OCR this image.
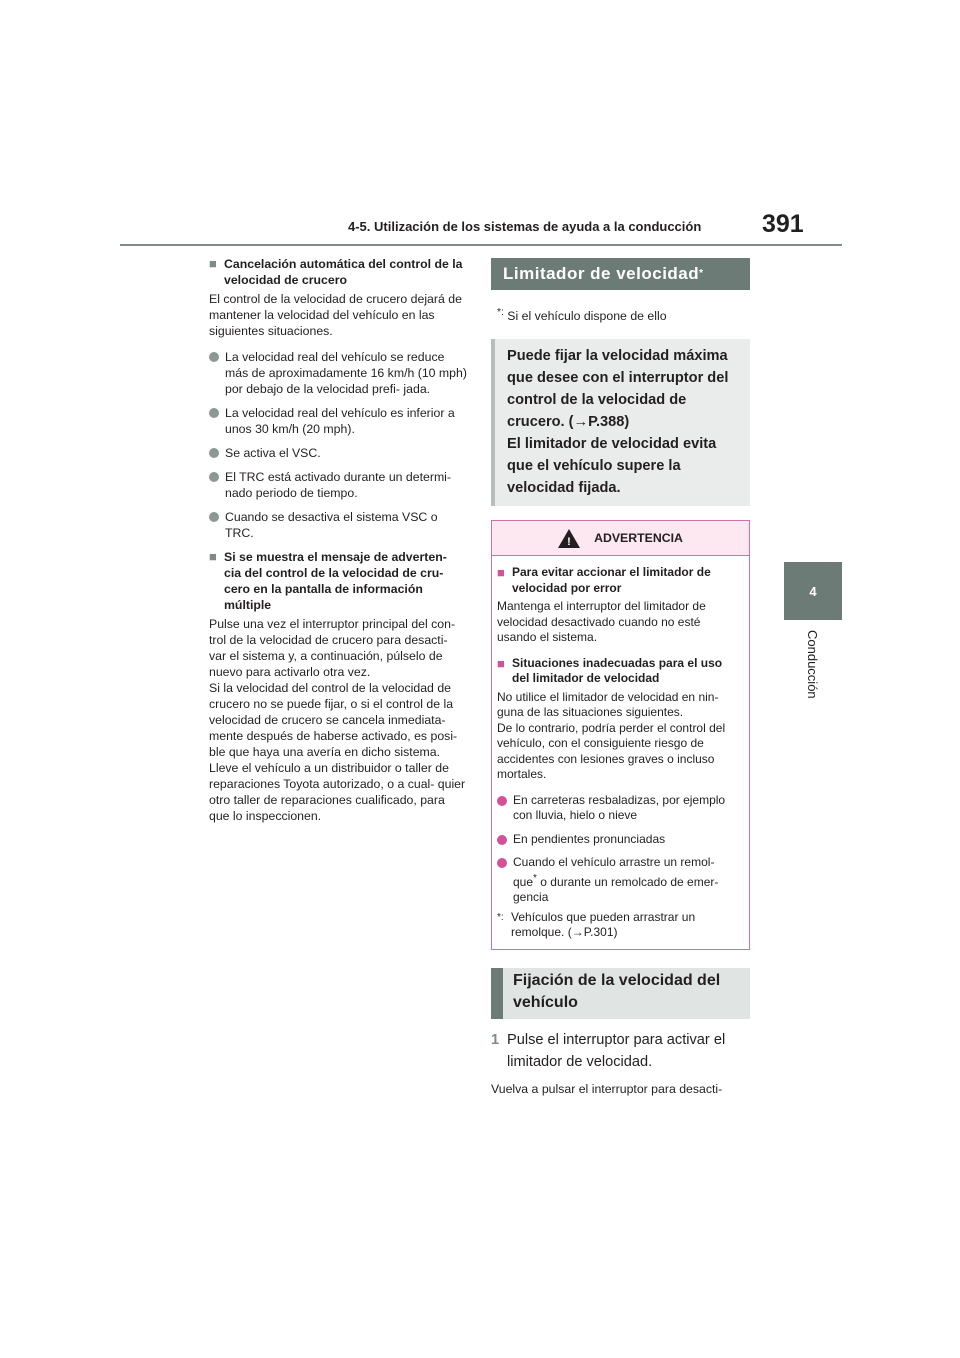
4-5. Utilización de los sistemas de ayuda a la conducción 391
4
Conducción
■ Cancelación automática del control de la velocidad de crucero

El control de la velocidad de crucero dejará de mantener la velocidad del vehículo en las siguientes situaciones.

La velocidad real del vehículo se reduce más de aproximadamente 16 km/h (10 mph) por debajo de la velocidad prefi- jada.
La velocidad real del vehículo es inferior a unos 30 km/h (20 mph).
Se activa el VSC.
El TRC está activado durante un determi- nado periodo de tiempo.
Cuando se desactiva el sistema VSC o TRC.
■ Si se muestra el mensaje de adverten- cia del control de la velocidad de cru- cero en la pantalla de información múltiple

Pulse una vez el interruptor principal del con- trol de la velocidad de crucero para desacti- var el sistema y, a continuación, púlselo de nuevo para activarlo otra vez.

Si la velocidad del control de la velocidad de crucero no se puede fijar, o si el control de la velocidad de crucero se cancela inmediata- mente después de haberse activado, es posi- ble que haya una avería en dicho sistema. Lleve el vehículo a un distribuidor o taller de reparaciones Toyota autorizado, o a cual- quier otro taller de reparaciones cualificado, para que lo inspeccionen.

Limitador de velocidad *
*: Si el vehículo dispone de ello
Puede fijar la velocidad máxima que desee con el interruptor del control de la velocidad de crucero. (→P.388)
El limitador de velocidad evita que el vehículo supere la velocidad fijada.
! ADVERTENCIA
■ Para evitar accionar el limitador de velocidad por error

Mantenga el interruptor del limitador de velocidad desactivado cuando no esté usando el sistema.

■ Situaciones inadecuadas para el uso del limitador de velocidad

No utilice el limitador de velocidad en nin- guna de las situaciones siguientes.

De lo contrario, podría perder el control del vehículo, con el consiguiente riesgo de accidentes con lesiones graves o incluso mortales.

En carreteras resbaladizas, por ejemplo con lluvia, hielo o nieve
En pendientes pronunciadas
Cuando el vehículo arrastre un remol- que* o durante un remolcado de emer- gencia
*: Vehículos que pueden arrastrar un remolque. (→P.301)
Fijación de la velocidad del vehículo
1 Pulse el interruptor para activar el limitador de velocidad.
Vuelva a pulsar el interruptor para desacti-
